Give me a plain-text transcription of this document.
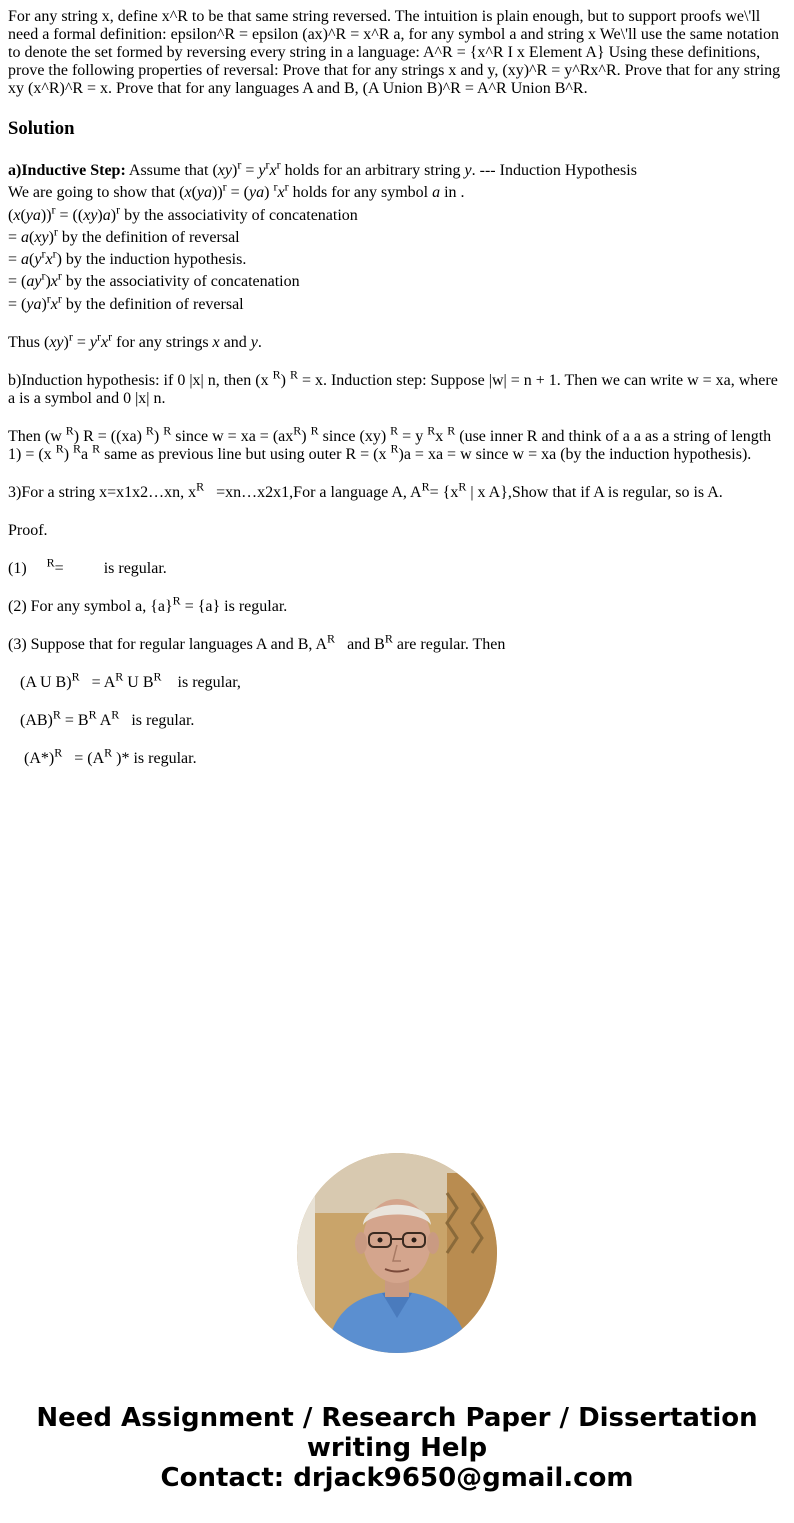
For any string x, define x^R to be that same string reversed. The intuition is plain enough, but to support proofs we\'ll need a formal definition: epsilon^R = epsilon (ax)^R = x^R a, for any symbol a and string x We\'ll use the same notation to denote the set formed by reversing every string in a language: A^R = {x^R I x Element A} Using these definitions, prove the following properties of reversal: Prove that for any strings x and y, (xy)^R = y^Rx^R. Prove that for any string xy (x^R)^R = x. Prove that for any languages A and B, (A Union B)^R = A^R Union B^R.
Solution
a)Inductive Step: Assume that $(xy)^r = y^rx^r$ holds for an arbitrary string y. --- Induction Hypothesis
We are going to show that $(x(ya))^r = (ya)$ $^rx^r$ holds for any symbol a in .
$(x(ya))^r = ((xy)a)^r$ by the associativity of concatenation
= a(xy)$^r$ by the definition of reversal
= $a(y^rx^r)$ by the induction hypothesis.
= $(ay^r)x^r$ by the associativity of concatenation
= $(ya)^rx^r$ by the definition of reversal
Thus $(xy)^r = y^rx^r$ for any strings x and y.
b)Induction hypothesis: if 0 |x| n, then (x $^R$) $^R$ = x. Induction step: Suppose |w| = n + 1. Then we can write w = xa, where a is a symbol and 0 |x| n.
Then (w $^R$) R = ((xa) $^R$) $^R$ since w = xa = $(ax^R)$ $^R$ since (xy) $^R$ = y $^R$x $^R$ (use inner R and think of a a as a string of length 1) = (x $^R$) $^R$a $^R$ same as previous line but using outer R = (x $^R$)a = xa = w since w = xa (by the induction hypothesis).
3)For a string x=x1x2…xn, $x^R$   =xn…x2x1,For a language A, $A^R= \{x^R$ | x A},Show that if A is regular, so is A.
Proof.
(1) $^R$=	is regular.
(2) For any symbol a, $\{a\}^R = \{a\}$ is regular.
(3) Suppose that for regular languages A and B, $A^R$   and $B^R$ are regular. Then
(A U $B)^R = A^R$ U $B^R$    is regular,
$(AB)^R = B^R$ $A^R$   is regular.
$(A*)^R = (A^R$ )* is regular.
Need Assignment / Research Paper / Dissertation
writing Help
Contact: drjack9650@gmail.com
